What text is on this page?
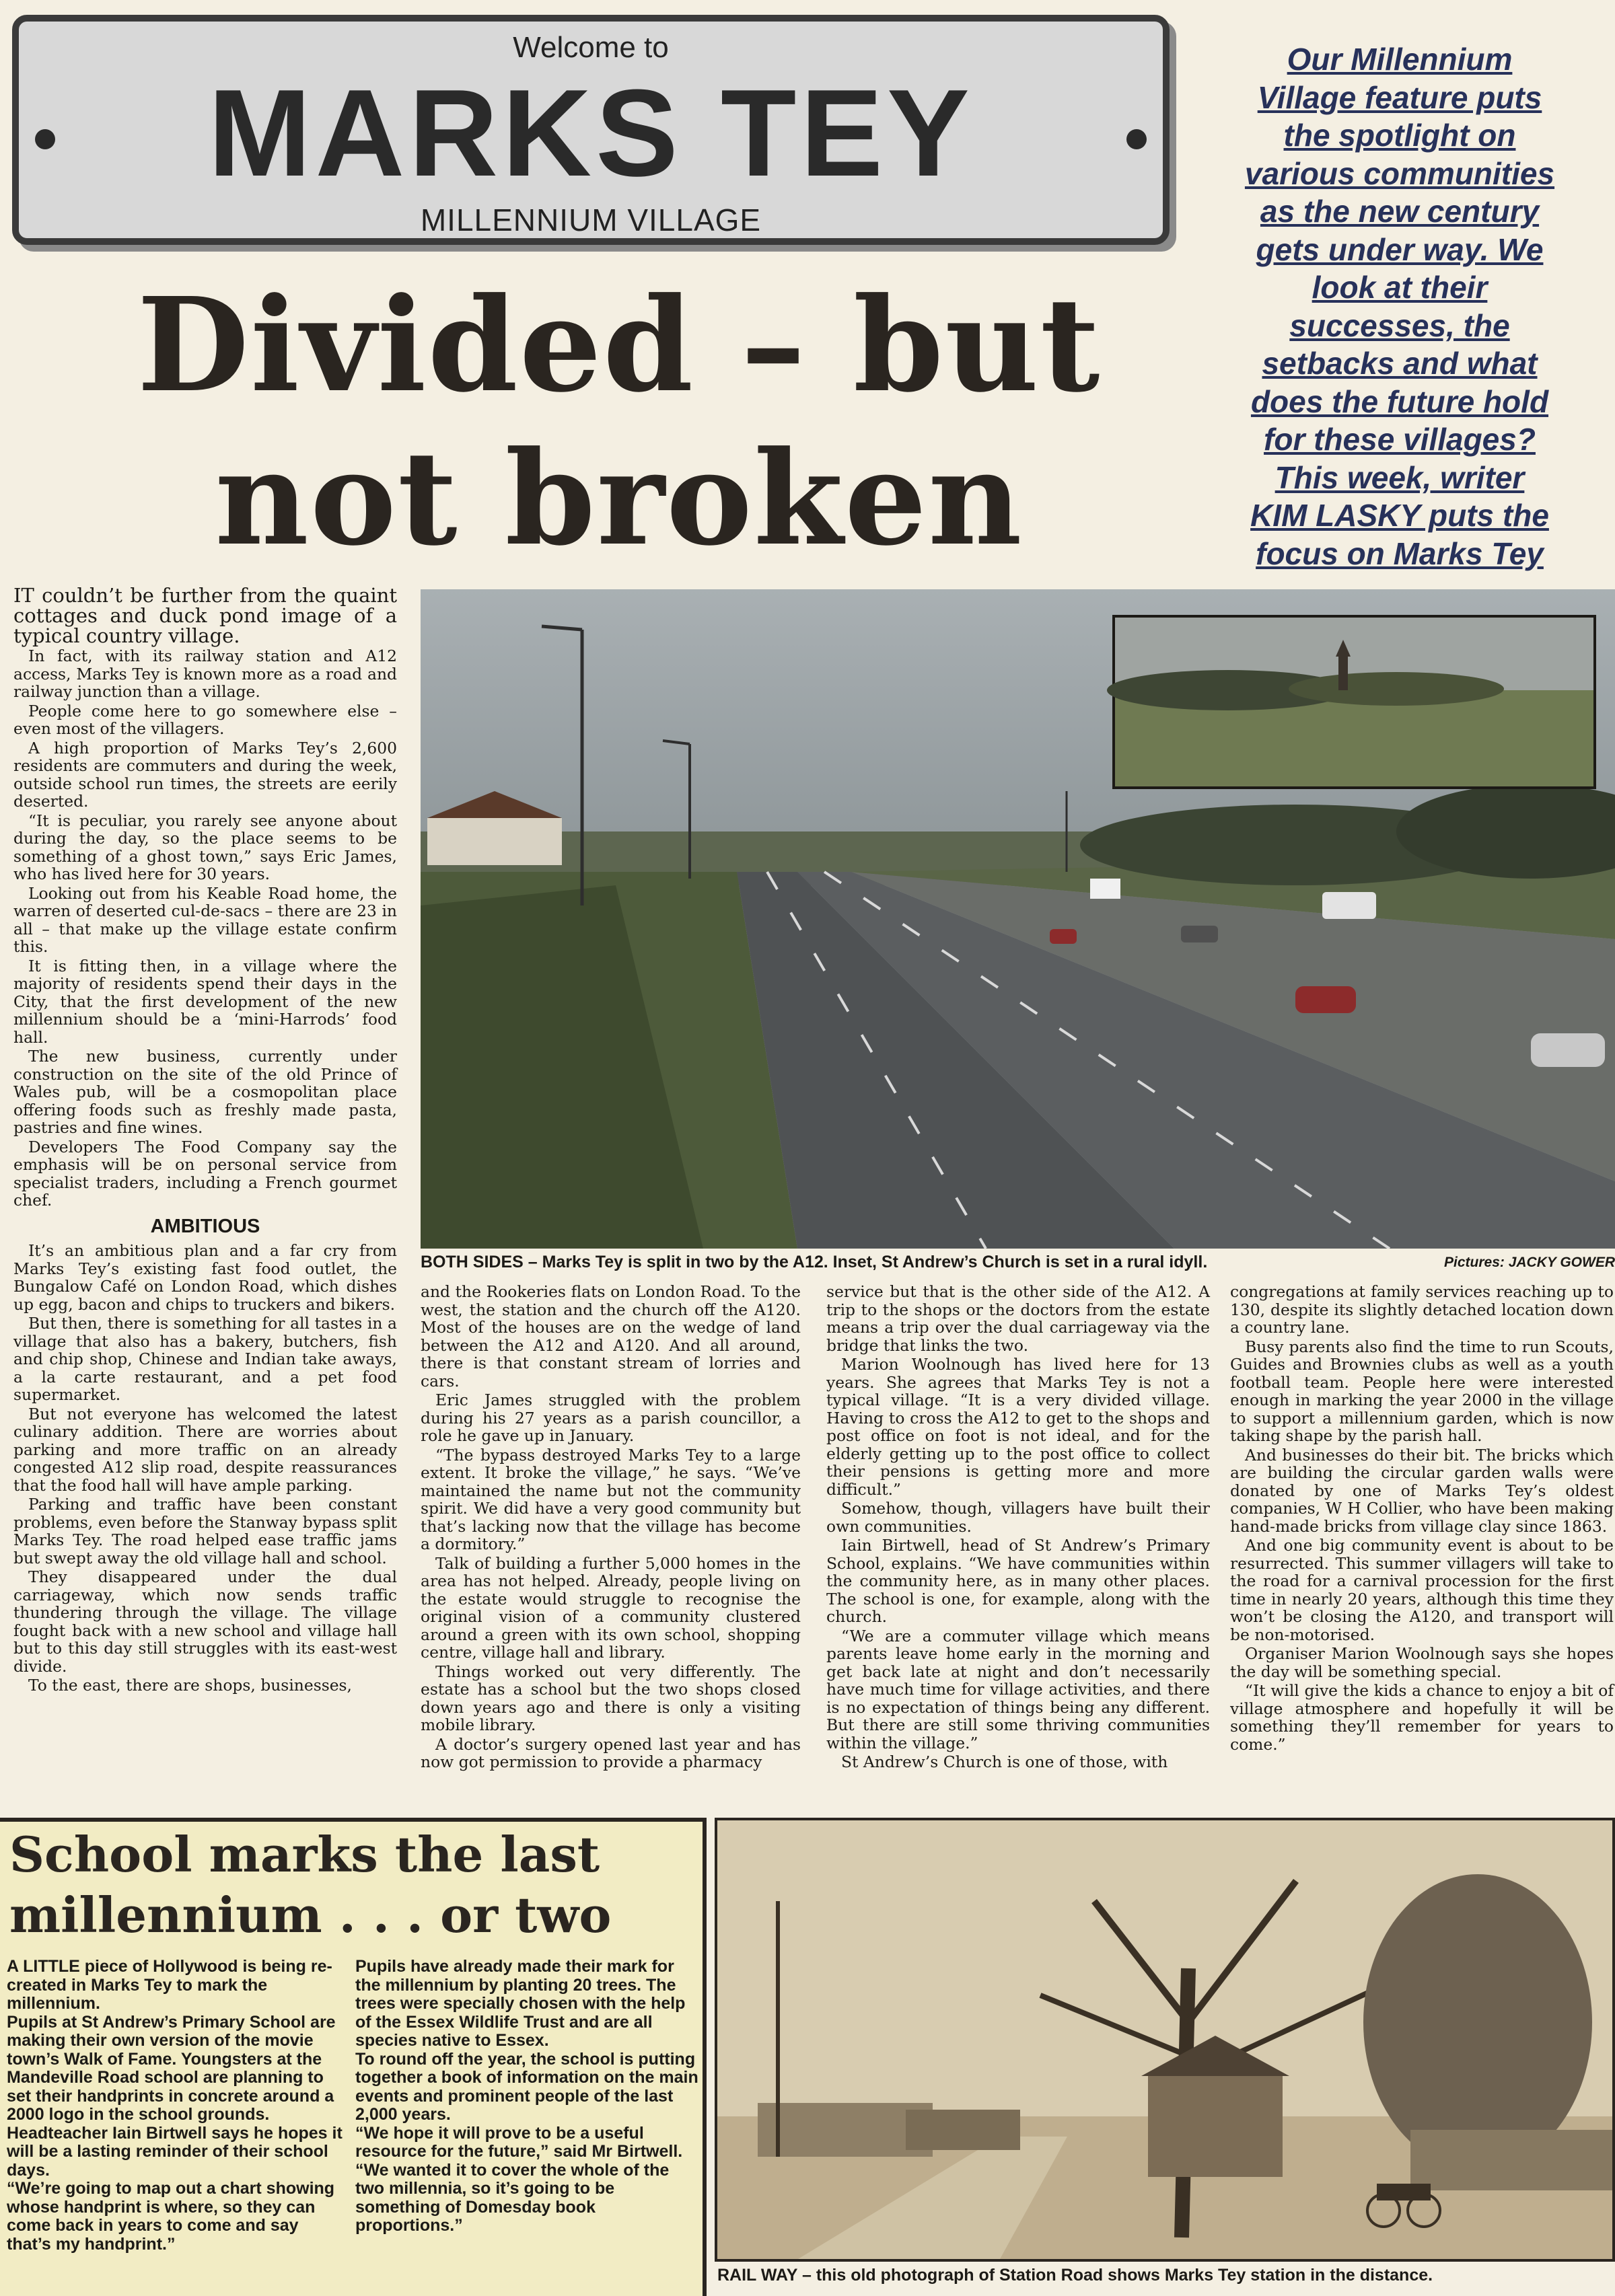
Welcome to
MARKS TEY
MILLENNIUM VILLAGE
Our Millennium
Village feature puts
the spotlight on
various communities
as the new century
gets under way. We
look at their
successes, the
setbacks and what
does the future hold
for these villages?
This week, writer
KIM LASKY puts the
focus on Marks Tey
Divided – but
not broken
BOTH SIDES – Marks Tey is split in two by the A12. Inset, St Andrew’s Church is set in a rural idyll.	Pictures: JACKY GOWER

IT couldn’t be further from the quaint cottages and duck pond image of a typical country village.

In fact, with its railway station and A12 access, Marks Tey is known more as a road and railway junction than a village.

People come here to go somewhere else – even most of the villagers.

A high proportion of Marks Tey’s 2,600 residents are commuters and during the week, outside school run times, the streets are eerily deserted.

“It is peculiar, you rarely see anyone about during the day, so the place seems to be something of a ghost town,” says Eric James, who has lived here for 30 years.

Looking out from his Keable Road home, the warren of deserted cul-de-sacs – there are 23 in all – that make up the village estate confirm this.

It is fitting then, in a village where the majority of residents spend their days in the City, that the first development of the new millennium should be a ‘mini-Harrods’ food hall.

The new business, currently under construction on the site of the old Prince of Wales pub, will be a cosmopolitan place offering foods such as freshly made pasta, pastries and fine wines.

Developers The Food Company say the emphasis will be on personal service from specialist traders, including a French gourmet chef.

AMBITIOUS

It’s an ambitious plan and a far cry from Marks Tey’s existing fast food outlet, the Bungalow Café on London Road, which dishes up egg, bacon and chips to truckers and bikers.

But then, there is something for all tastes in a village that also has a bakery, butchers, fish and chip shop, Chinese and Indian take aways, a la carte restaurant, and a pet food supermarket.

But not everyone has welcomed the latest culinary addition. There are worries about parking and more traffic on an already congested A12 slip road, despite reassurances that the food hall will have ample parking.

Parking and traffic have been constant problems, even before the Stanway bypass split Marks Tey. The road helped ease traffic jams but swept away the old village hall and school.

They disappeared under the dual carriageway, which now sends traffic thundering through the village. The village fought back with a new school and village hall but to this day still struggles with its east-west divide.

To the east, there are shops, businesses,

and the Rookeries flats on London Road. To the west, the station and the church off the A120. Most of the houses are on the wedge of land between the A12 and A120. And all around, there is that constant stream of lorries and cars.

Eric James struggled with the problem during his 27 years as a parish councillor, a role he gave up in January.

“The bypass destroyed Marks Tey to a large extent. It broke the village,” he says. “We’ve maintained the name but not the community spirit. We did have a very good community but that’s lacking now that the village has become a dormitory.”

Talk of building a further 5,000 homes in the area has not helped. Already, people living on the estate would struggle to recognise the original vision of a community clustered around a green with its own school, shopping centre, village hall and library.

Things worked out very differently. The estate has a school but the two shops closed down years ago and there is only a visiting mobile library.

A doctor’s surgery opened last year and has now got permission to provide a pharmacy

service but that is the other side of the A12. A trip to the shops or the doctors from the estate means a trip over the dual carriageway via the bridge that links the two.

Marion Woolnough has lived here for 13 years. She agrees that Marks Tey is not a typical village. “It is a very divided village. Having to cross the A12 to get to the shops and post office on foot is not ideal, and for the elderly getting up to the post office to collect their pensions is getting more and more difficult.”

Somehow, though, villagers have built their own communities.

Iain Birtwell, head of St Andrew’s Primary School, explains. “We have communities within the community here, as in many other places. The school is one, for example, along with the church.

“We are a commuter village which means parents leave home early in the morning and get back late at night and don’t necessarily have much time for village activities, and there is no expectation of things being any different. But there are still some thriving communities within the village.”

St Andrew’s Church is one of those, with

congregations at family services reaching up to 130, despite its slightly detached location down a country lane.

Busy parents also find the time to run Scouts, Guides and Brownies clubs as well as a youth football team. People here were interested enough in marking the year 2000 in the village to support a millennium garden, which is now taking shape by the parish hall.

And businesses do their bit. The bricks which are building the circular garden walls were donated by one of Marks Tey’s oldest companies, W H Collier, who have been making hand-made bricks from village clay since 1863.

And one big community event is about to be resurrected. This summer villagers will take to the road for a carnival procession for the first time in nearly 20 years, although this time they won’t be closing the A120, and transport will be non-motorised.

Organiser Marion Woolnough says she hopes the day will be something special.

“It will give the kids a chance to enjoy a bit of village atmosphere and hopefully it will be something they’ll remember for years to come.”

School marks the last
millennium . . . or two

A LITTLE piece of Hollywood is being re-created in Marks Tey to mark the millennium.

Pupils at St Andrew’s Primary School are making their own version of the movie town’s Walk of Fame. Youngsters at the Mandeville Road school are planning to set their handprints in concrete around a 2000 logo in the school grounds.

Headteacher Iain Birtwell says he hopes it will be a lasting reminder of their school days.

“We’re going to map out a chart showing whose handprint is where, so they can come back in years to come and say that’s my handprint.”

Pupils have already made their mark for the millennium by planting 20 trees. The trees were specially chosen with the help of the Essex Wildlife Trust and are all species native to Essex.

To round off the year, the school is putting together a book of information on the main events and prominent people of the last 2,000 years.

“We hope it will prove to be a useful resource for the future,” said Mr Birtwell. “We wanted it to cover the whole of the two millennia, so it’s going to be something of Domesday book proportions.”

RAIL WAY – this old photograph of Station Road shows Marks Tey station in the distance.
